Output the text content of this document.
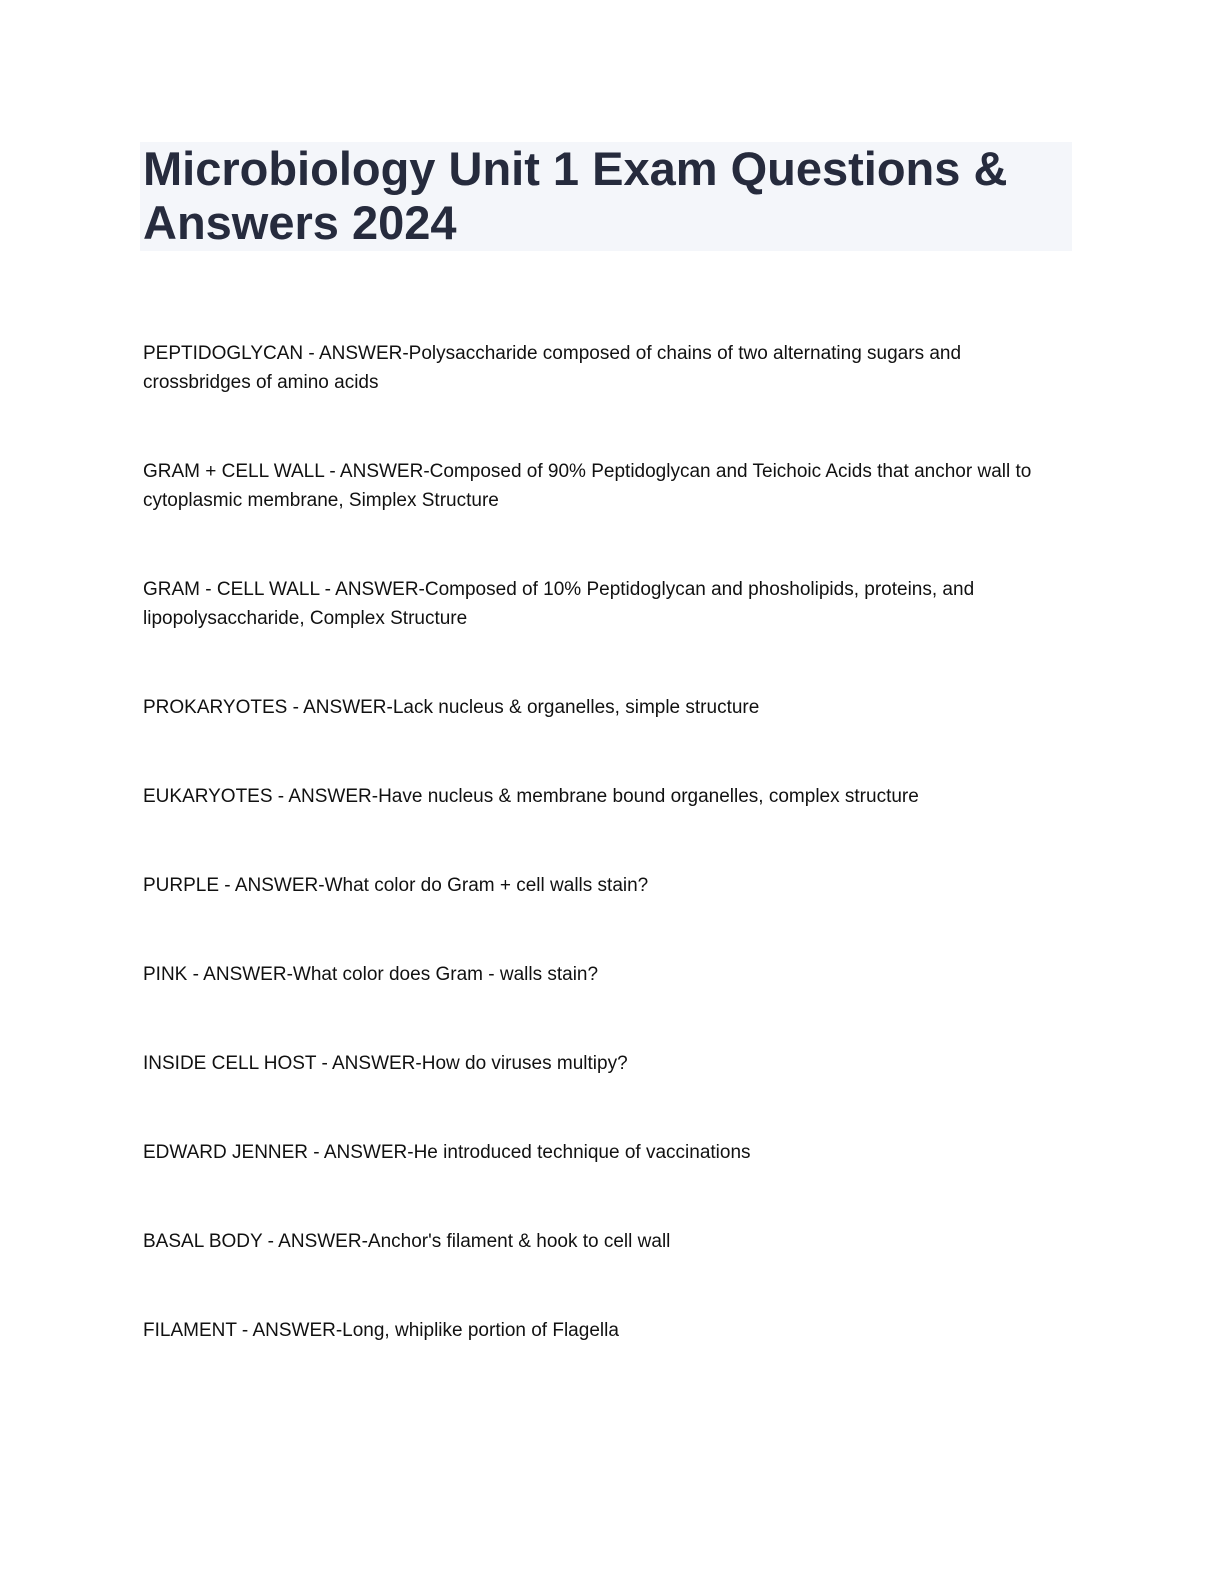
Microbiology Unit 1 Exam Questions & Answers 2024
PEPTIDOGLYCAN - ANSWER-Polysaccharide composed of chains of two alternating sugars and crossbridges of amino acids
GRAM + CELL WALL - ANSWER-Composed of 90% Peptidoglycan and Teichoic Acids that anchor wall to cytoplasmic membrane, Simplex Structure
GRAM - CELL WALL - ANSWER-Composed of 10% Peptidoglycan and phosholipids, proteins, and lipopolysaccharide, Complex Structure
PROKARYOTES - ANSWER-Lack nucleus & organelles, simple structure
EUKARYOTES - ANSWER-Have nucleus & membrane bound organelles, complex structure
PURPLE - ANSWER-What color do Gram + cell walls stain?
PINK - ANSWER-What color does Gram - walls stain?
INSIDE CELL HOST - ANSWER-How do viruses multipy?
EDWARD JENNER - ANSWER-He introduced technique of vaccinations
BASAL BODY - ANSWER-Anchor's filament & hook to cell wall
FILAMENT - ANSWER-Long, whiplike portion of Flagella
